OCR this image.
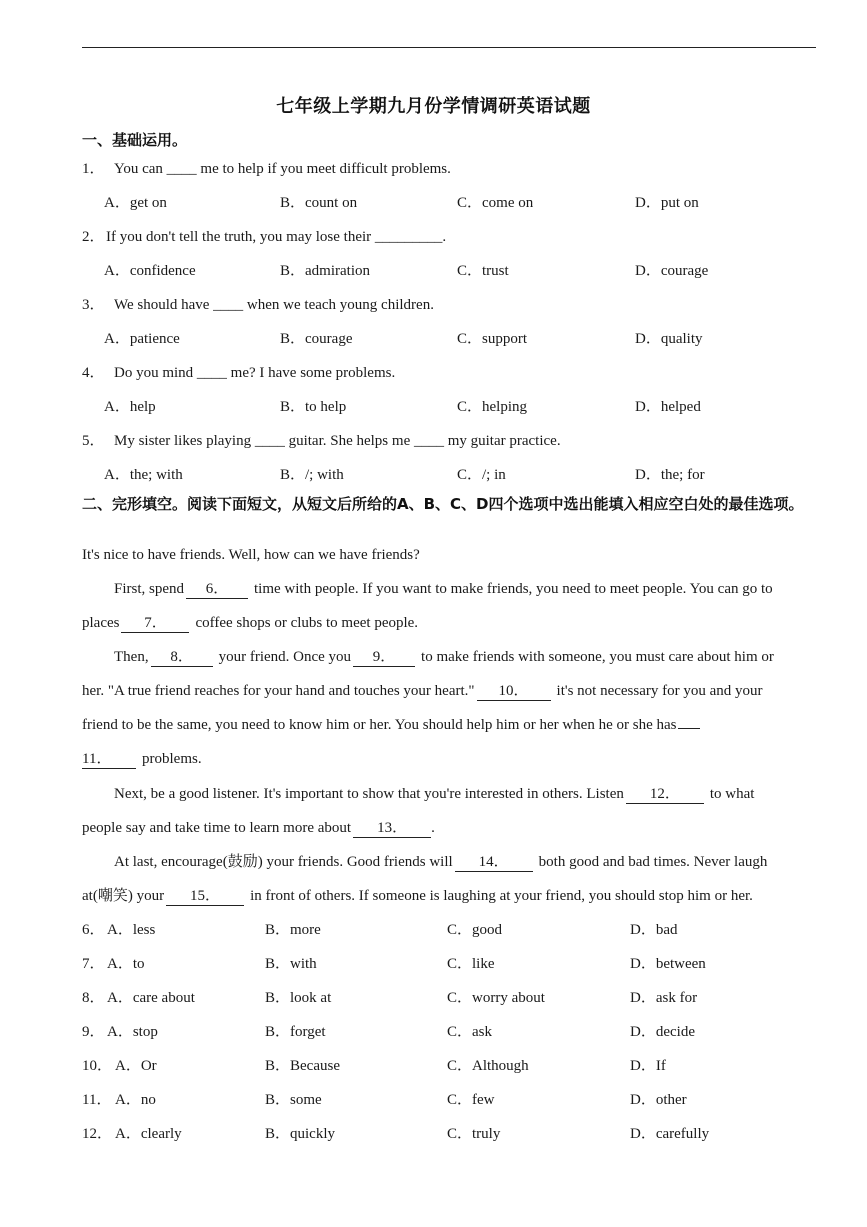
七年级上学期九月份学情调研英语试题
一、基础运用。
1． You can ____ me to help if you meet difficult problems.
A．get on	B．count on	C．come on	D．put on
2．If you don't tell the truth, you may lose their _________.
A．confidence	B．admiration	C．trust	D．courage
3． We should have ____ when we teach young children.
A．patience	B．courage	C．support	D．quality
4． Do you mind ____ me? I have some problems.
A．help	B．to help	C．helping	D．helped
5． My sister likes playing ____ guitar. She helps me ____ my guitar practice.
A．the; with	B．/; with	C．/; in	D．the; for
二、完形填空。阅读下面短文，从短文后所给的A、B、C、D四个选项中选出能填入相应空白处的最佳选项。
It's nice to have friends. Well, how can we have friends?
First, spend 6． time with people. If you want to make friends, you need to meet people. You can go to
places 7． coffee shops or clubs to meet people.
Then, 8． your friend. Once you 9． to make friends with someone, you must care about him or
her. "A true friend reaches for your hand and touches your heart." 10． it's not necessary for you and your
friend to be the same, you need to know him or her. You should help him or her when he or she has
11． problems.
Next, be a good listener. It's important to show that you're interested in others. Listen 12． to what
people say and take time to learn more about 13． .
At last, encourage(鼓励) your friends. Good friends will 14． both good and bad times. Never laugh
at(嘲笑) your 15． in front of others. If someone is laughing at your friend, you should stop him or her.
6． A．less	B．more	C．good	D．bad
7． A．to	B．with	C．like	D．between
8． A．care about	B．look at	C．worry about	D．ask for
9． A．stop	B．forget	C．ask	D．decide
10． A．Or	B．Because	C．Although	D．If
11． A．no	B．some	C．few	D．other
12． A．clearly	B．quickly	C．truly	D．carefully
